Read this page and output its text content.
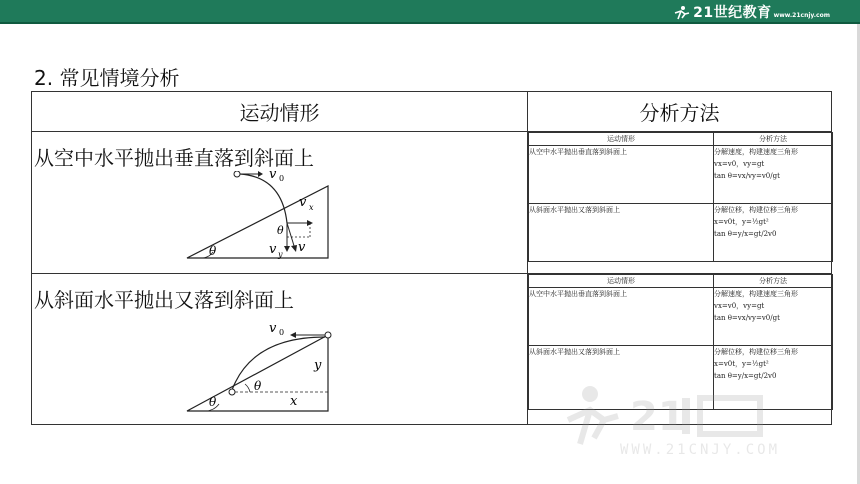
21世纪教育 www.21cnjy.com
2. 常见情境分析
运动情形	分析方法

从空中水平抛出垂直落到斜面上
θ
v 0
v x
θ
v y v

运动情形	分析方法
从空中水平抛出垂直落到斜面上	分解速度，构建速度三角形
vx=v0，vy=gt
tan θ=vx/vy=v0/gt

从斜面水平抛出又落到斜面上	分解位移，构建位移三角形
x=v0t，y=½gt²
tan θ=y/x=gt/2v0

从斜面水平抛出又落到斜面上
θ
v 0
θ
x
y

运动情形	分析方法
从空中水平抛出垂直落到斜面上	分解速度，构建速度三角形
vx=v0，vy=gt
tan θ=vx/vy=v0/gt

从斜面水平抛出又落到斜面上	分解位移，构建位移三角形
x=v0t，y=½gt²
tan θ=y/x=gt/2v0
21
WWW.21CNJY.COM
